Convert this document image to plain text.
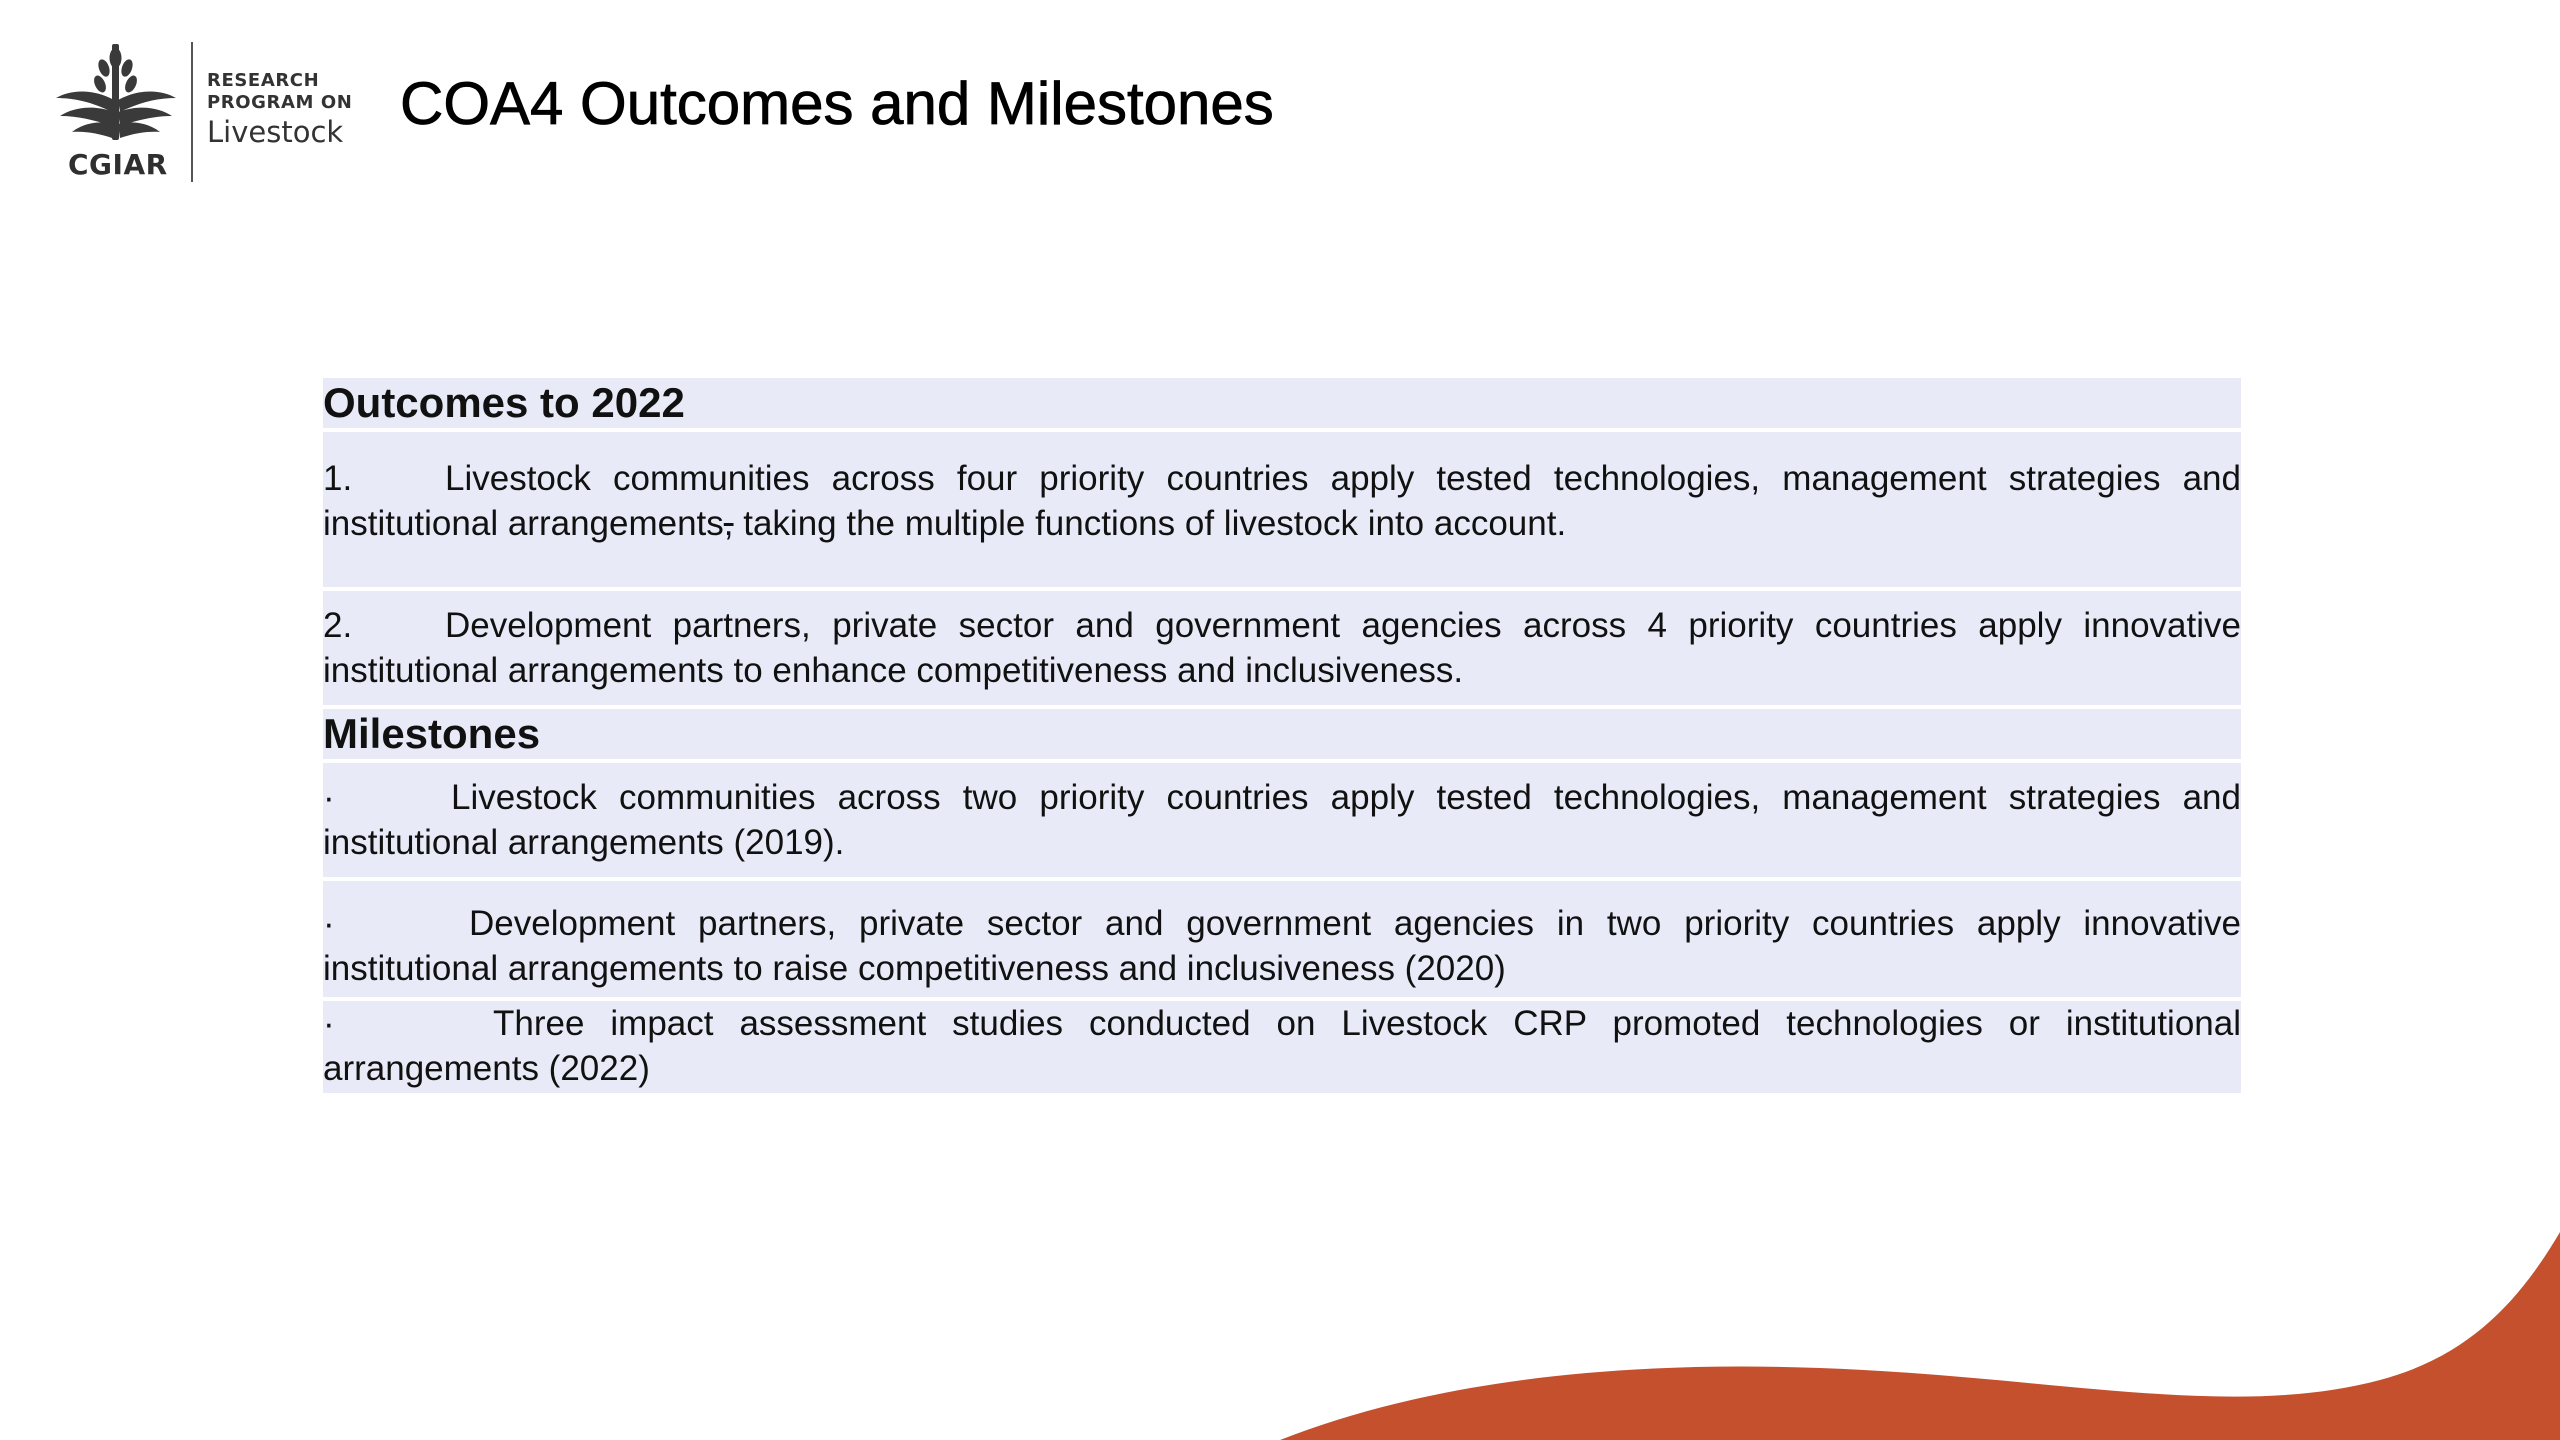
CGIAR
RESEARCH
PROGRAM ON
Livestock COA4 Outcomes and Milestones
Outcomes to 2022
1.	Livestock communities across four priority countries apply tested technologies, management strategies and institutional arrangements, taking the multiple functions of livestock into account.
2.	Development partners, private sector and government agencies across 4 priority countries apply innovative institutional arrangements to enhance competitiveness and inclusiveness.
Milestones
·	Livestock communities across two priority countries apply tested technologies, management strategies and institutional arrangements (2019).
·	Development partners, private sector and government agencies in two priority countries apply innovative institutional arrangements to raise competitiveness and inclusiveness (2020)
·	Three impact assessment studies conducted on Livestock CRP promoted technologies or institutional arrangements (2022)
